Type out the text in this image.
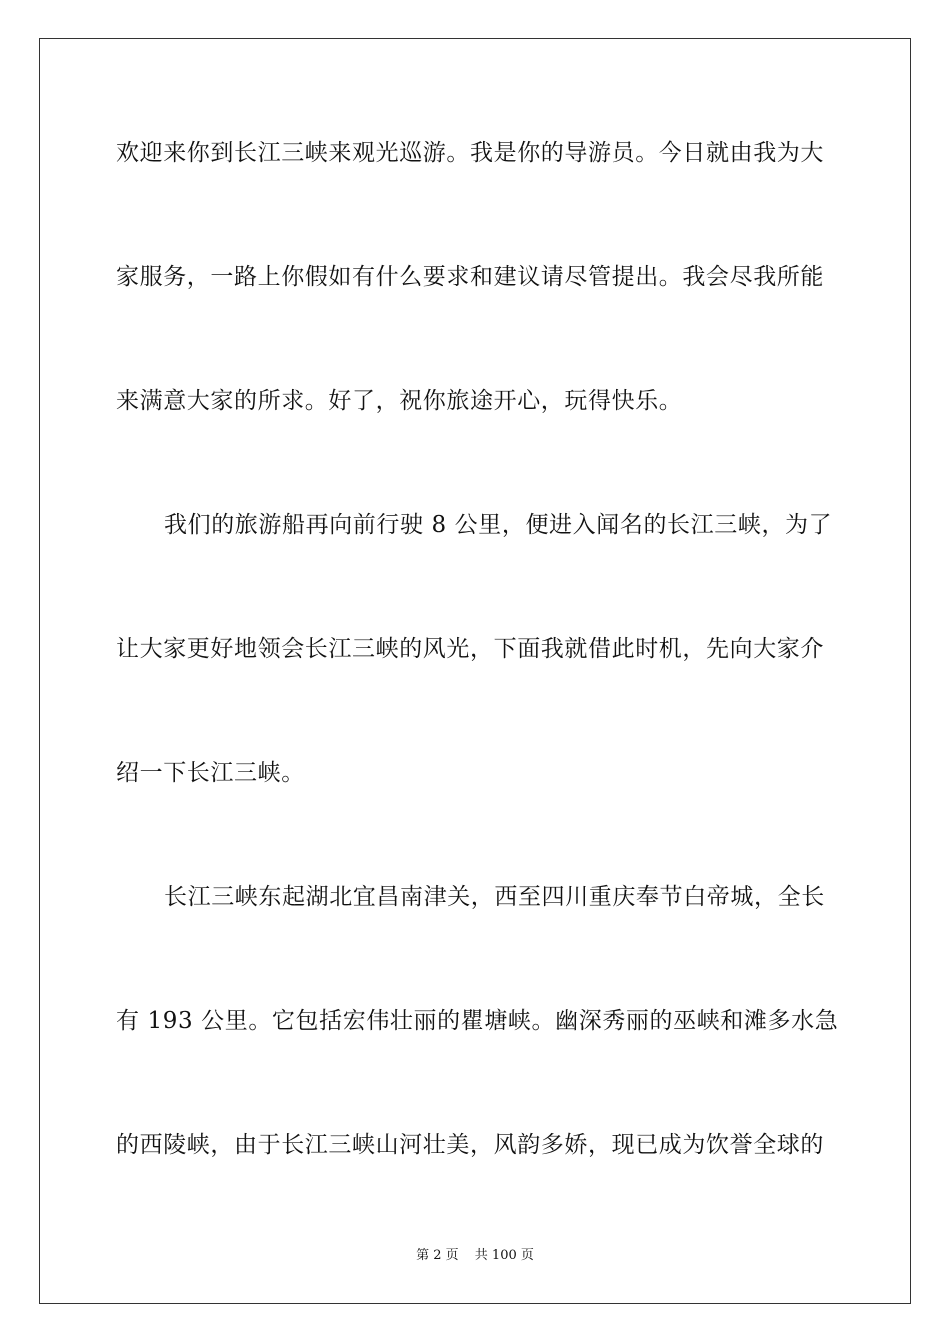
欢迎来你到长江三峡来观光巡游。我是你的导游员。今日就由我为大
家服务，一路上你假如有什么要求和建议请尽管提出。我会尽我所能
来满意大家的所求。好了，祝你旅途开心，玩得快乐。
我们的旅游船再向前行驶 8 公里，便进入闻名的长江三峡，为了
让大家更好地领会长江三峡的风光，下面我就借此时机，先向大家介
绍一下长江三峡。
长江三峡东起湖北宜昌南津关，西至四川重庆奉节白帝城，全长
有 193 公里。它包括宏伟壮丽的瞿塘峡。幽深秀丽的巫峡和滩多水急
的西陵峡，由于长江三峡山河壮美，风韵多娇，现已成为饮誉全球的
第 2 页 共 100 页
